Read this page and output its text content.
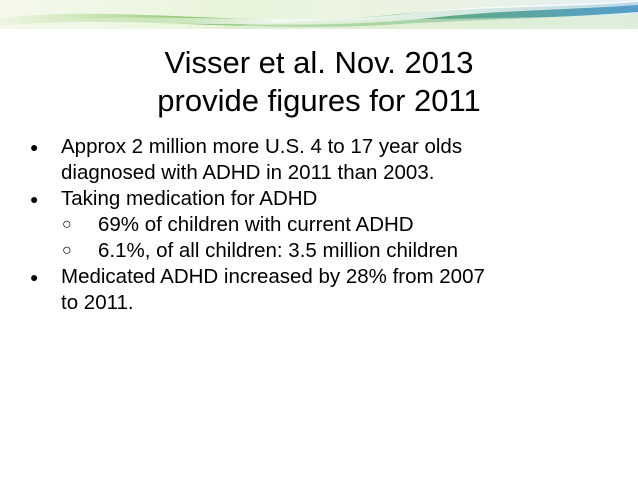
Visser et al. Nov. 2013
provide figures for 2011
●	Approx 2 million more U.S. 4 to 17 year olds
diagnosed with ADHD in 2011 than 2003.
●	Taking medication for ADHD
○	69% of children with current ADHD
○	6.1%, of all children: 3.5 million children
●	Medicated ADHD increased by 28% from 2007
to 2011.
